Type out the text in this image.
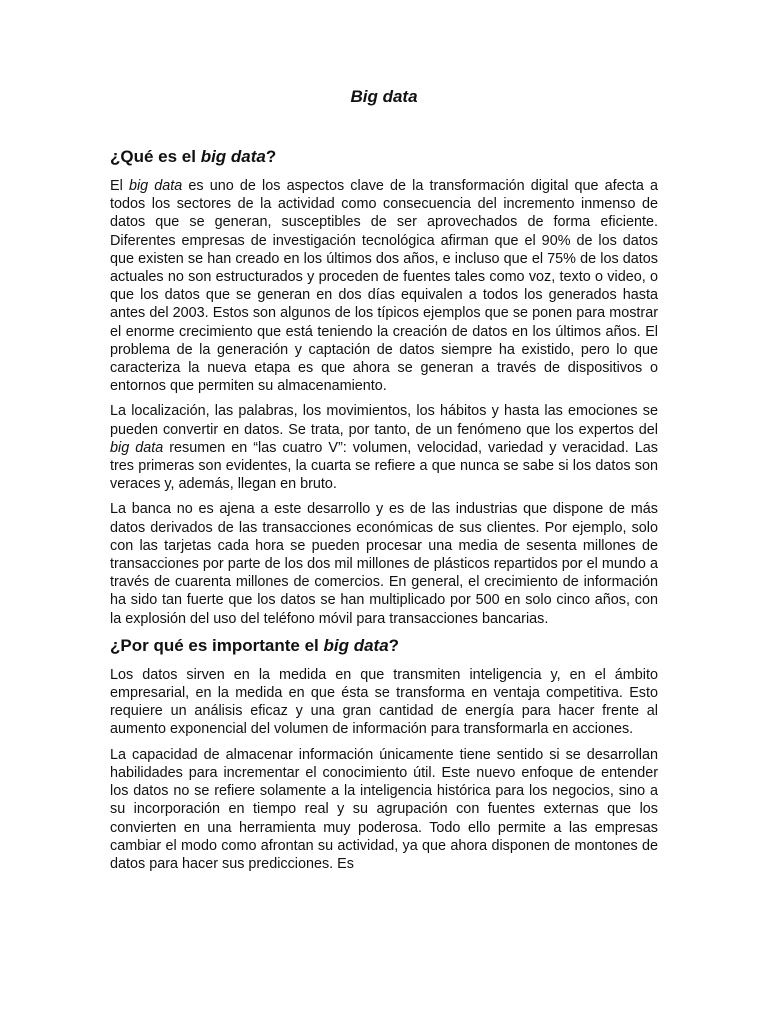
Big data
¿Qué es el big data?

El big data es uno de los aspectos clave de la transformación digital que afecta a todos los sectores de la actividad como consecuencia del incremento inmenso de datos que se generan, susceptibles de ser aprovechados de forma eficiente. Diferentes empresas de investigación tecnológica afirman que el 90% de los datos que existen se han creado en los últimos dos años, e incluso que el 75% de los datos actuales no son estructurados y proceden de fuentes tales como voz, texto o video, o que los datos que se generan en dos días equivalen a todos los generados hasta antes del 2003. Estos son algunos de los típicos ejemplos que se ponen para mostrar el enorme crecimiento que está teniendo la creación de datos en los últimos años. El problema de la generación y captación de datos siempre ha existido, pero lo que caracteriza la nueva etapa es que ahora se generan a través de dispositivos o entornos que permiten su almacenamiento.

La localización, las palabras, los movimientos, los hábitos y hasta las emociones se pueden convertir en datos. Se trata, por tanto, de un fenómeno que los expertos del big data resumen en “las cuatro V”: volumen, velocidad, variedad y veracidad. Las tres primeras son evidentes, la cuarta se refiere a que nunca se sabe si los datos son veraces y, además, llegan en bruto.

La banca no es ajena a este desarrollo y es de las industrias que dispone de más datos derivados de las transacciones económicas de sus clientes. Por ejemplo, solo con las tarjetas cada hora se pueden procesar una media de sesenta millones de transacciones por parte de los dos mil millones de plásticos repartidos por el mundo a través de cuarenta millones de comercios. En general, el crecimiento de información ha sido tan fuerte que los datos se han multiplicado por 500 en solo cinco años, con la explosión del uso del teléfono móvil para transacciones bancarias.

¿Por qué es importante el big data?

Los datos sirven en la medida en que transmiten inteligencia y, en el ámbito empresarial, en la medida en que ésta se transforma en ventaja competitiva. Esto requiere un análisis eficaz y una gran cantidad de energía para hacer frente al aumento exponencial del volumen de información para transformarla en acciones.

La capacidad de almacenar información únicamente tiene sentido si se desarrollan habilidades para incrementar el conocimiento útil. Este nuevo enfoque de entender los datos no se refiere solamente a la inteligencia histórica para los negocios, sino a su incorporación en tiempo real y su agrupación con fuentes externas que los convierten en una herramienta muy poderosa. Todo ello permite a las empresas cambiar el modo como afrontan su actividad, ya que ahora disponen de montones de datos para hacer sus predicciones. Es
